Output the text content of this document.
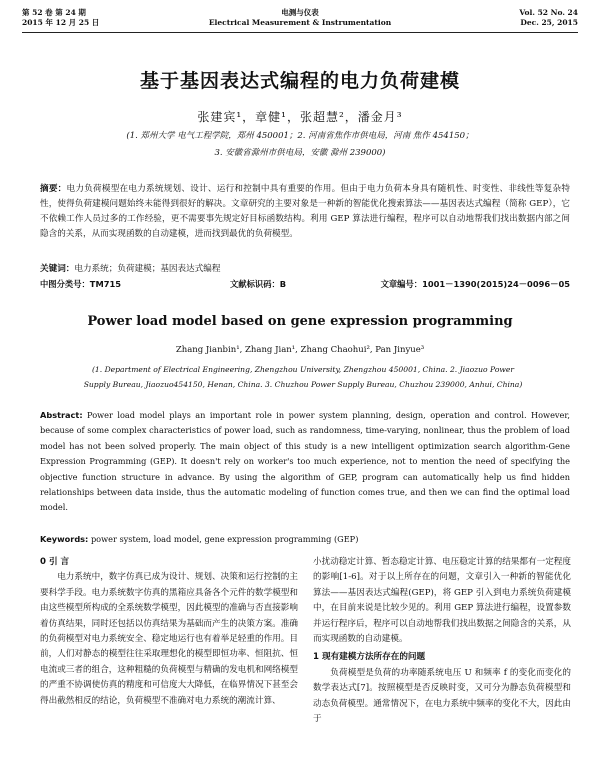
第 52 卷 第 24 期
2015 年 12 月 25 日
电测与仪表
Electrical Measurement & Instrumentation
Vol. 52 No. 24
Dec. 25, 2015
基于基因表达式编程的电力负荷建模
张建宾¹，章健¹，张超慧²，潘金月³
(1. 郑州大学 电气工程学院，郑州 450001；2. 河南省焦作市供电局，河南 焦作 454150；
3. 安徽省滁州市供电局，安徽 滁州 239000)
摘要：电力负荷模型在电力系统规划、设计、运行和控制中具有重要的作用。但由于电力负荷本身具有随机性、时变性、非线性等复杂特性，使得负荷建模问题始终未能得到很好的解决。文章研究的主要对象是一种新的智能优化搜索算法——基因表达式编程（简称 GEP），它不依赖工作人员过多的工作经验，更不需要事先规定好目标函数结构。利用 GEP 算法进行编程，程序可以自动地帮我们找出数据内部之间隐含的关系，从而实现函数的自动建模，进而找到最优的负荷模型。
关键词：电力系统；负荷建模；基因表达式编程
中图分类号：TM715	文献标识码：B	文章编号：1001－1390(2015)24－0096－05
Power load model based on gene expression programming
Zhang Jianbin¹, Zhang Jian¹, Zhang Chaohui², Pan Jinyue³
(1. Department of Electrical Engineering, Zhengzhou University, Zhengzhou 450001, China. 2. Jiaozuo Power
Supply Bureau, Jiaozuo454150, Henan, China. 3. Chuzhou Power Supply Bureau, Chuzhou 239000, Anhui, China)
Abstract: Power load model plays an important role in power system planning, design, operation and control. However, because of some complex characteristics of power load, such as randomness, time-varying, nonlinear, thus the problem of load model has not been solved properly. The main object of this study is a new intelligent optimization search algorithm-Gene Expression Programming (GEP). It doesn't rely on worker's too much experience, not to mention the need of specifying the objective function structure in advance. By using the algorithm of GEP, program can automatically help us find hidden relationships between data inside, thus the automatic modeling of function comes true, and then we can find the optimal load model.
Keywords: power system, load model, gene expression programming (GEP)
0 引 言

电力系统中，数字仿真已成为设计、规划、决策和运行控制的主要科学手段。电力系统数字仿真的黑箱应具备各个元件的数学模型和由这些模型所构成的全系统数学模型，因此模型的准确与否直接影响着仿真结果，同时还包括以仿真结果为基础而产生的决策方案。准确的负荷模型对电力系统安全、稳定地运行也有着举足轻重的作用。目前，人们对静态的模型往往采取理想化的模型即恒功率、恒阻抗、恒电流或三者的组合，这种粗糙的负荷模型与精确的发电机和网络模型的严重不协调使仿真的精度和可信度大大降低，在临界情况下甚至会得出截然相反的结论，负荷模型不准确对电力系统的潮流计算、

小扰动稳定计算、暂态稳定计算、电压稳定计算的结果都有一定程度的影响[1-6]。对于以上所存在的问题，文章引入一种新的智能优化算法——基因表达式编程(GEP)，将 GEP 引入到电力系统负荷建模中，在目前来说是比较少见的。利用 GEP 算法进行编程，设置参数并运行程序后，程序可以自动地帮我们找出数据之间隐含的关系，从而实现函数的自动建模。

1 现有建模方法所存在的问题

负荷模型是负荷的功率随系统电压 U 和频率 f 的变化而变化的数学表达式[7]。按照模型是否反映时变，又可分为静态负荷模型和动态负荷模型。通常情况下，在电力系统中频率的变化不大，因此由于
